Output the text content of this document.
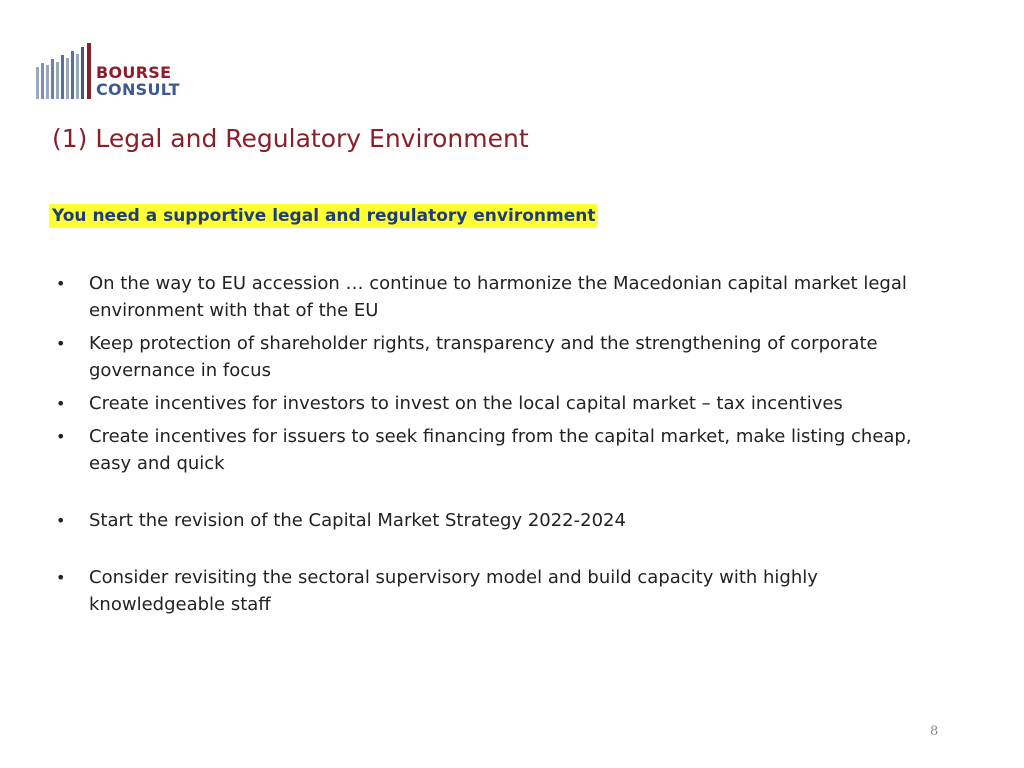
BOURSE
CONSULT
(1) Legal and Regulatory Environment
You need a supportive legal and regulatory environment
• On the way to EU accession … continue to harmonize the Macedonian capital market legal environment with that of the EU
• Keep protection of shareholder rights, transparency and the strengthening of corporate governance in focus
• Create incentives for investors to invest on the local capital market – tax incentives
• Create incentives for issuers to seek financing from the capital market, make listing cheap, easy and quick
• Start the revision of the Capital Market Strategy 2022-2024
• Consider revisiting the sectoral supervisory model and build capacity with highly knowledgeable staff
8
